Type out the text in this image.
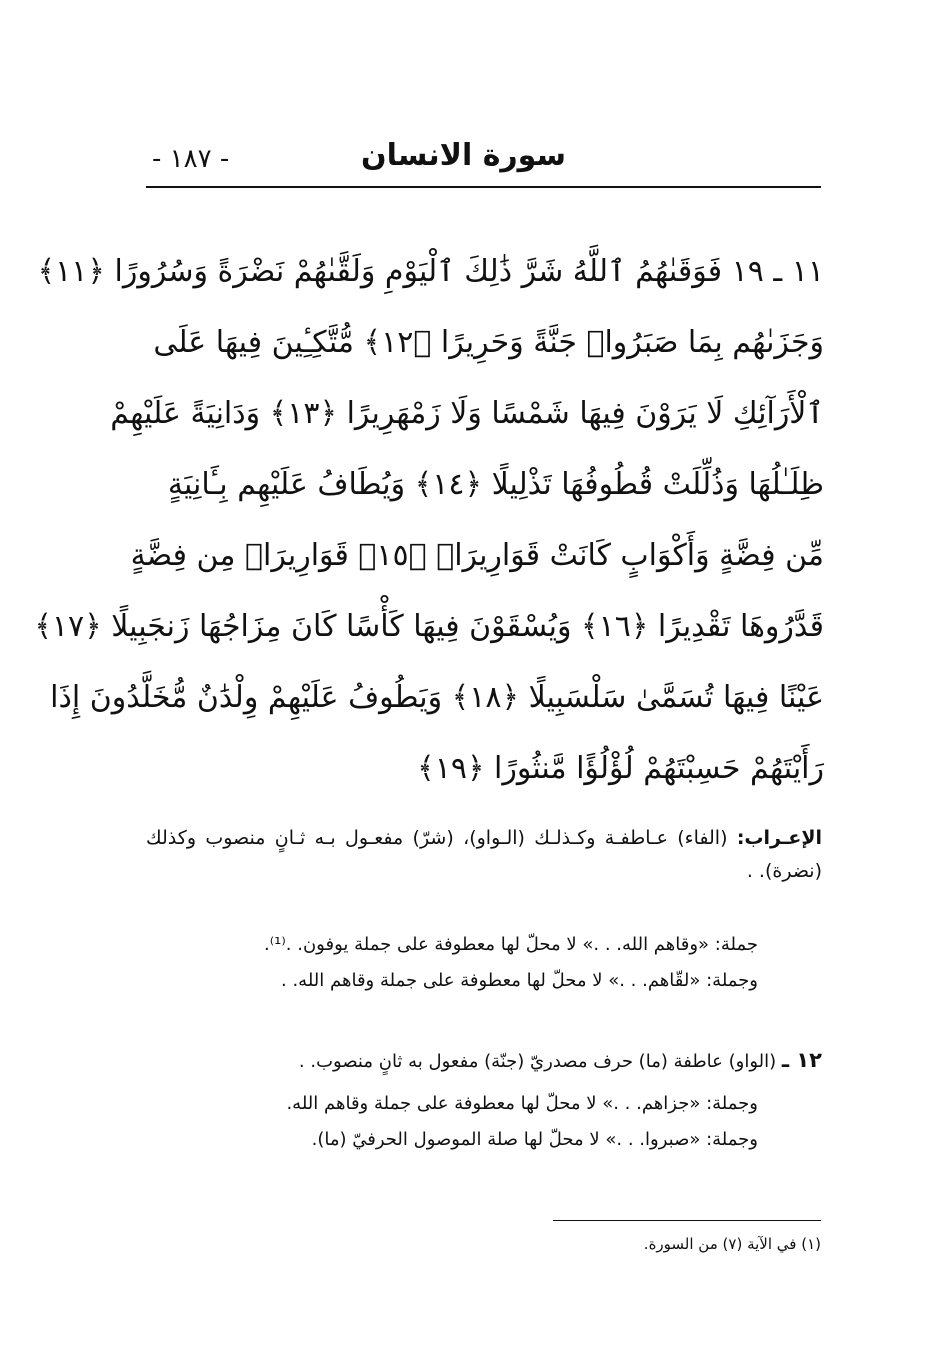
- ١٨٧ -	سورة الانسان
١١ ـ ١٩ فَوَقَىٰهُمُ ٱللَّهُ شَرَّ ذَٰلِكَ ٱلْيَوْمِ وَلَقَّىٰهُمْ نَضْرَةً وَسُرُورًا ﴿١١﴾
وَجَزَىٰهُم بِمَا صَبَرُوا۟ جَنَّةً وَحَرِيرًا ﴿١٢﴾ مُّتَّكِـِٔينَ فِيهَا عَلَى
ٱلْأَرَآئِكِ لَا يَرَوْنَ فِيهَا شَمْسًا وَلَا زَمْهَرِيرًا ﴿١٣﴾ وَدَانِيَةً عَلَيْهِمْ
ظِلَـٰلُهَا وَذُلِّلَتْ قُطُوفُهَا تَذْلِيلًا ﴿١٤﴾ وَيُطَافُ عَلَيْهِم بِـَٔانِيَةٍ
مِّن فِضَّةٍ وَأَكْوَابٍ كَانَتْ قَوَارِيرَا۠ ﴿١٥﴾ قَوَارِيرَا۟ مِن فِضَّةٍ
قَدَّرُوهَا تَقْدِيرًا ﴿١٦﴾ وَيُسْقَوْنَ فِيهَا كَأْسًا كَانَ مِزَاجُهَا زَنجَبِيلًا ﴿١٧﴾
عَيْنًا فِيهَا تُسَمَّىٰ سَلْسَبِيلًا ﴿١٨﴾ وَيَطُوفُ عَلَيْهِمْ وِلْدَٰنٌ مُّخَلَّدُونَ إِذَا
رَأَيْتَهُمْ حَسِبْتَهُمْ لُؤْلُؤًا مَّنثُورًا ﴿١٩﴾
الإعـراب: (الفاء) عـاطفـة وكـذلـك (الـواو)، (شرّ) مفعـول بـه ثـانٍ منصوب وكذلك (نضرة). .
جملة: «وقاهم الله. . .» لا محلّ لها معطوفة على جملة يوفون. .⁽¹⁾.
وجملة: «لقّاهم. . .» لا محلّ لها معطوفة على جملة وقاهم الله. .
١٢ ـ (الواو) عاطفة (ما) حرف مصدريّ (جنّة) مفعول به ثانٍ منصوب. .
وجملة: «جزاهم. . .» لا محلّ لها معطوفة على جملة وقاهم الله.
وجملة: «صبروا. . .» لا محلّ لها صلة الموصول الحرفيّ (ما).
(١) في الآية (٧) من السورة.
